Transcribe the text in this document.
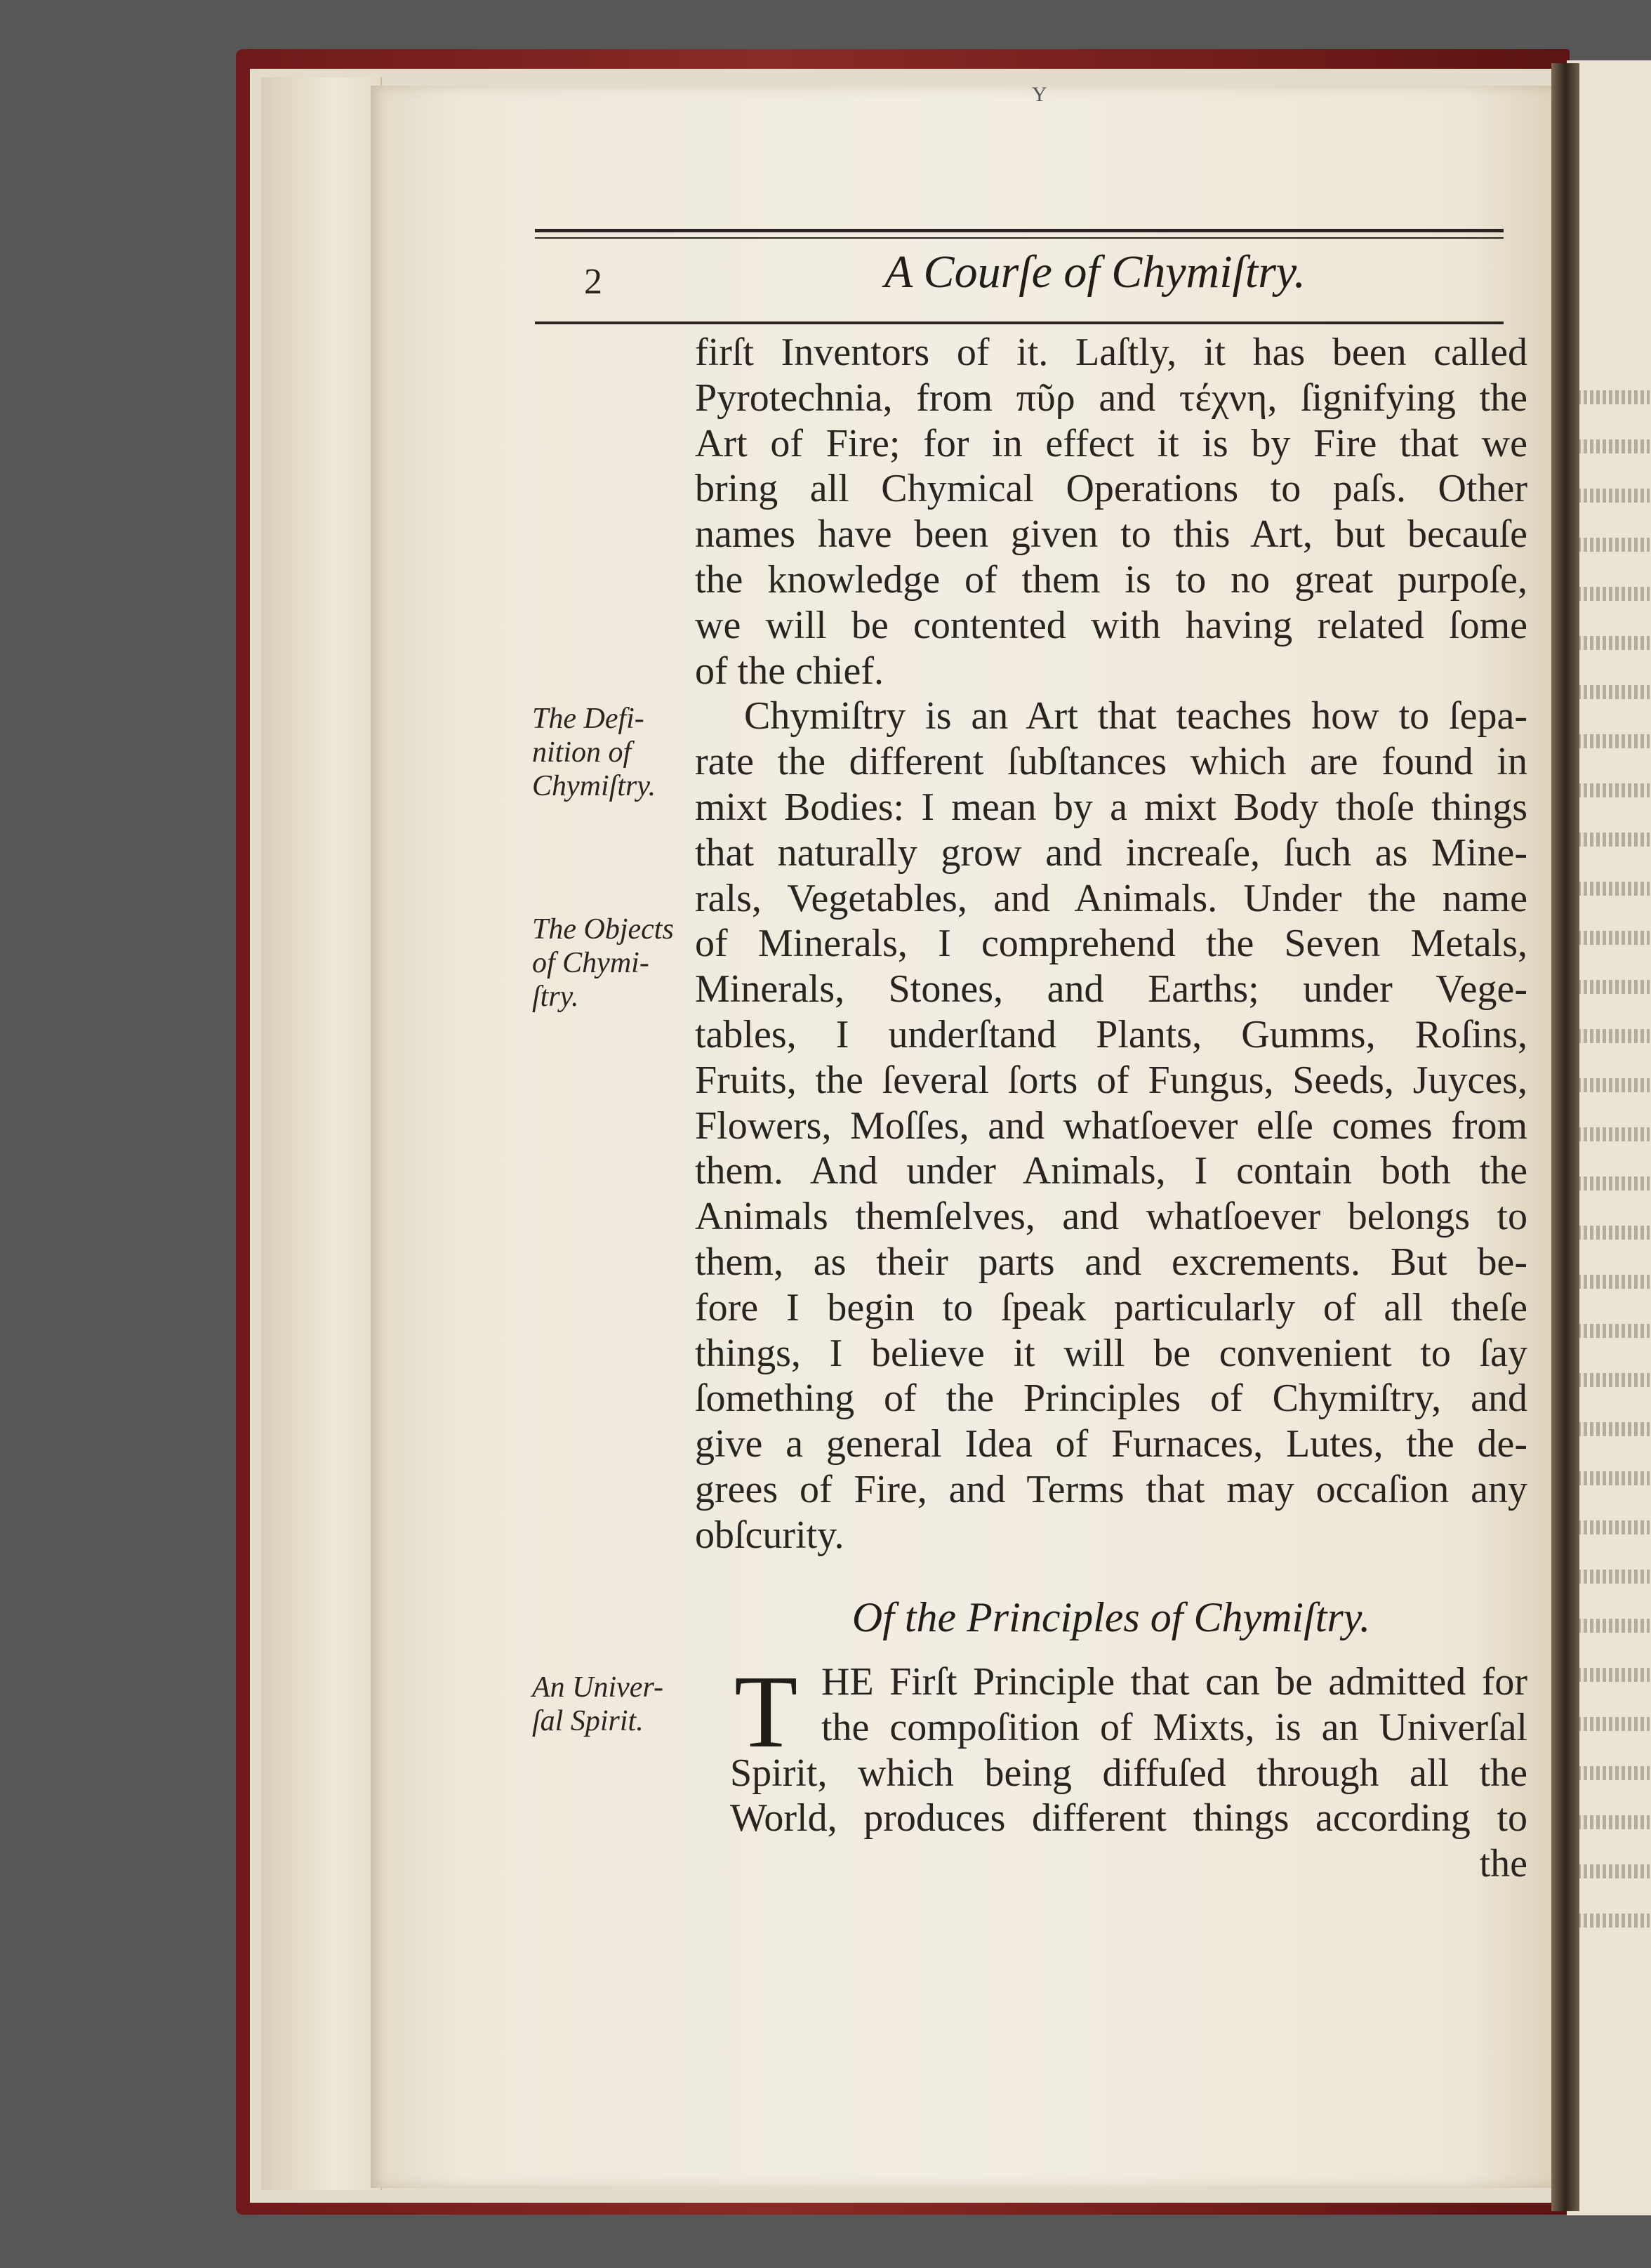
Y
2	A Courſe of Chymiſtry.
firſt Inventors of it. Laſtly, it has been called
Pyrotechnia, from πῦρ and τέχνη, ſignifying the
Art of Fire; for in effect it is by Fire that we
bring all Chymical Operations to paſs. Other
names have been given to this Art, but becauſe
the knowledge of them is to no great purpoſe,
we will be contented with having related ſome
of the chief.
Chymiſtry is an Art that teaches how to ſepa-
rate the different ſubſtances which are found in
mixt Bodies: I mean by a mixt Body thoſe things
that naturally grow and increaſe, ſuch as Mine-
rals, Vegetables, and Animals. Under the name
of Minerals, I comprehend the Seven Metals,
Minerals, Stones, and Earths; under Vege-
tables, I underſtand Plants, Gumms, Roſins,
Fruits, the ſeveral ſorts of Fungus, Seeds, Juyces,
Flowers, Moſſes, and whatſoever elſe comes from
them. And under Animals, I contain both the
Animals themſelves, and whatſoever belongs to
them, as their parts and excrements. But be-
fore I begin to ſpeak particularly of all theſe
things, I believe it will be convenient to ſay
ſomething of the Principles of Chymiſtry, and
give a general Idea of Furnaces, Lutes, the de-
grees of Fire, and Terms that may occaſion any
obſcurity.
The Defi-
nition of
Chymiſtry.
The Objects
of Chymi-
ſtry.
An Univer-
ſal Spirit.
Of the Principles of Chymiſtry.
T HE Firſt Principle that can be admitted for
the compoſition of Mixts, is an Univerſal
Spirit, which being diffuſed through all the
World, produces different things according to
the
